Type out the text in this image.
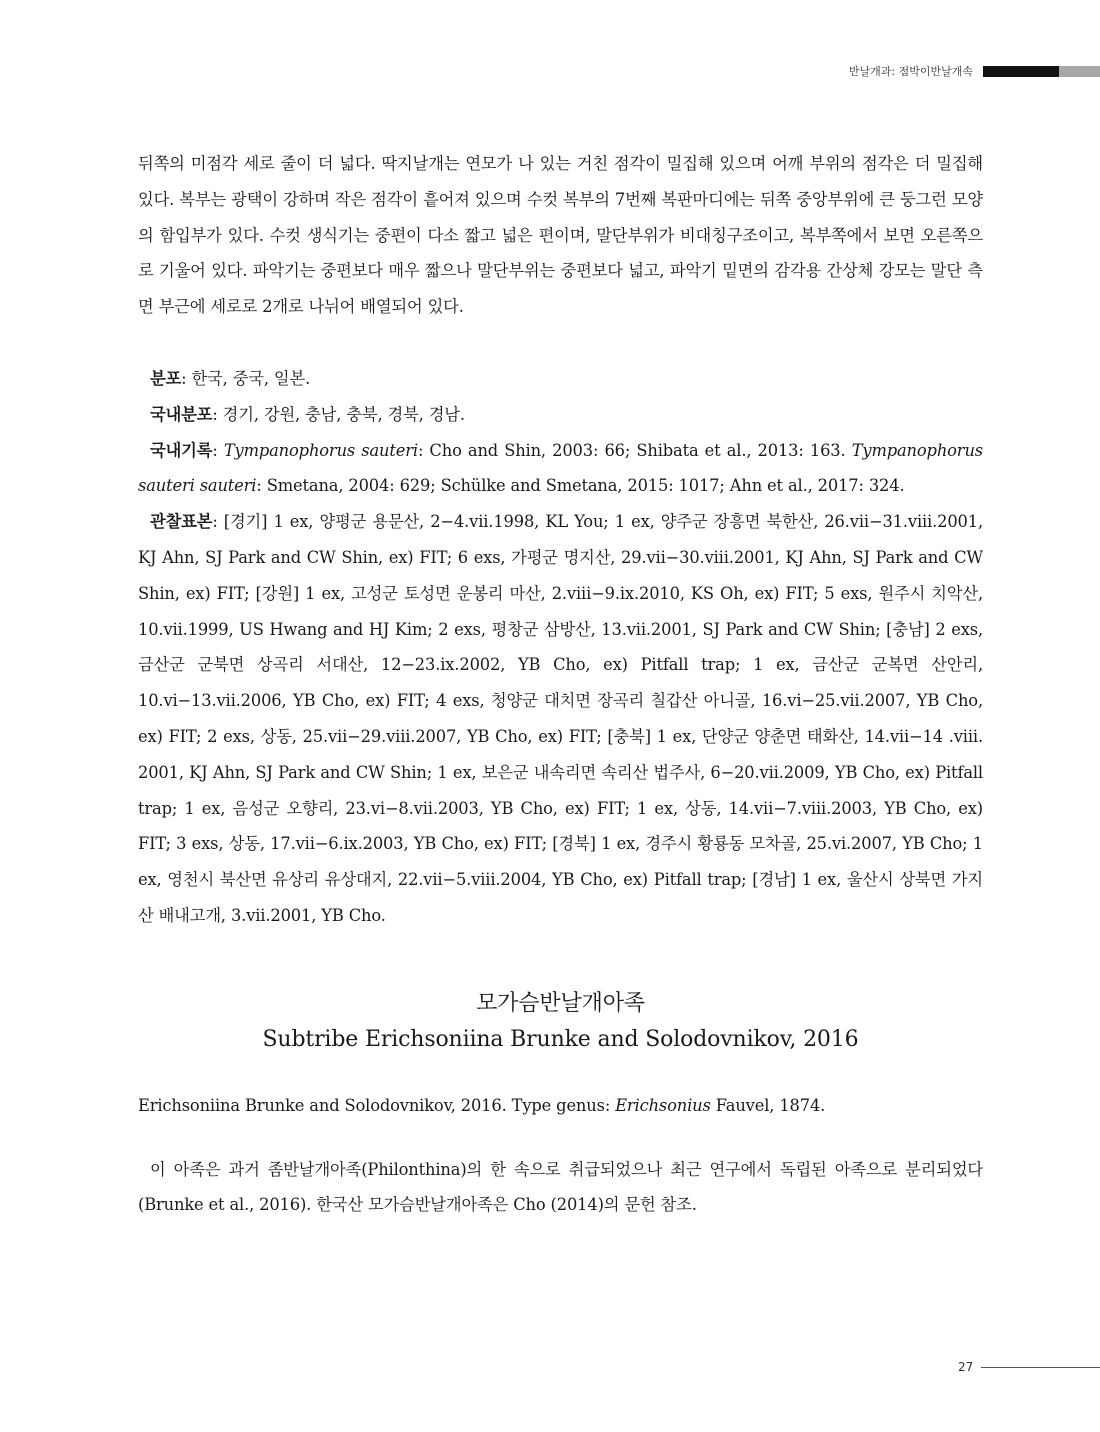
반날개과: 점박이반날개속

뒤쪽의 미점각 세로 줄이 더 넓다. 딱지날개는 연모가 나 있는 거친 점각이 밀집해 있으며 어깨 부위의 점각은 더 밀집해 있다. 복부는 광택이 강하며 작은 점각이 흩어져 있으며 수컷 복부의 7번째 복판마디에는 뒤쪽 중앙부위에 큰 둥그런 모양의 함입부가 있다. 수컷 생식기는 중편이 다소 짧고 넓은 편이며, 말단부위가 비대칭구조이고, 복부쪽에서 보면 오른쪽으로 기울어 있다. 파악기는 중편보다 매우 짧으나 말단부위는 중편보다 넓고, 파악기 밑면의 감각용 간상체 강모는 말단 측면 부근에 세로로 2개로 나뉘어 배열되어 있다.

분포: 한국, 중국, 일본.

국내분포: 경기, 강원, 충남, 충북, 경북, 경남.

국내기록: Tympanophorus sauteri: Cho and Shin, 2003: 66; Shibata et al., 2013: 163. Tympanophorus sauteri sauteri: Smetana, 2004: 629; Schülke and Smetana, 2015: 1017; Ahn et al., 2017: 324.

관찰표본: [경기] 1 ex, 양평군 용문산, 2−4.vii.1998, KL You; 1 ex, 양주군 장흥면 북한산, 26.vii−31.viii.2001, KJ Ahn, SJ Park and CW Shin, ex) FIT; 6 exs, 가평군 명지산, 29.vii−30.viii.2001, KJ Ahn, SJ Park and CW Shin, ex) FIT; [강원] 1 ex, 고성군 토성면 운봉리 마산, 2.viii−9.ix.2010, KS Oh, ex) FIT; 5 exs, 원주시 치악산, 10.vii.1999, US Hwang and HJ Kim; 2 exs, 평창군 삼방산, 13.vii.2001, SJ Park and CW Shin; [충남] 2 exs, 금산군 군북면 상곡리 서대산, 12−23.ix.2002, YB Cho, ex) Pitfall trap; 1 ex, 금산군 군복면 산안리, 10.vi−13.vii.2006, YB Cho, ex) FIT; 4 exs, 청양군 대치면 장곡리 칠갑산 아니골, 16.vi−25.vii.2007, YB Cho, ex) FIT; 2 exs, 상동, 25.vii−29.viii.2007, YB Cho, ex) FIT; [충북] 1 ex, 단양군 양춘면 태화산, 14.vii−14 .viii. 2001, KJ Ahn, SJ Park and CW Shin; 1 ex, 보은군 내속리면 속리산 법주사, 6−20.vii.2009, YB Cho, ex) Pitfall trap; 1 ex, 음성군 오향리, 23.vi−8.vii.2003, YB Cho, ex) FIT; 1 ex, 상동, 14.vii−7.viii.2003, YB Cho, ex) FIT; 3 exs, 상동, 17.vii−6.ix.2003, YB Cho, ex) FIT; [경북] 1 ex, 경주시 황룡동 모차골, 25.vi.2007, YB Cho; 1 ex, 영천시 북산면 유상리 유상대지, 22.vii−5.viii.2004, YB Cho, ex) Pitfall trap; [경남] 1 ex, 울산시 상북면 가지산 배내고개, 3.vii.2001, YB Cho.

모가슴반날개아족
Subtribe Erichsoniina Brunke and Solodovnikov, 2016

Erichsoniina Brunke and Solodovnikov, 2016. Type genus: Erichsonius Fauvel, 1874.

이 아족은 과거 좀반날개아족(Philonthina)의 한 속으로 취급되었으나 최근 연구에서 독립된 아족으로 분리되었다(Brunke et al., 2016). 한국산 모가슴반날개아족은 Cho (2014)의 문헌 참조.

27
